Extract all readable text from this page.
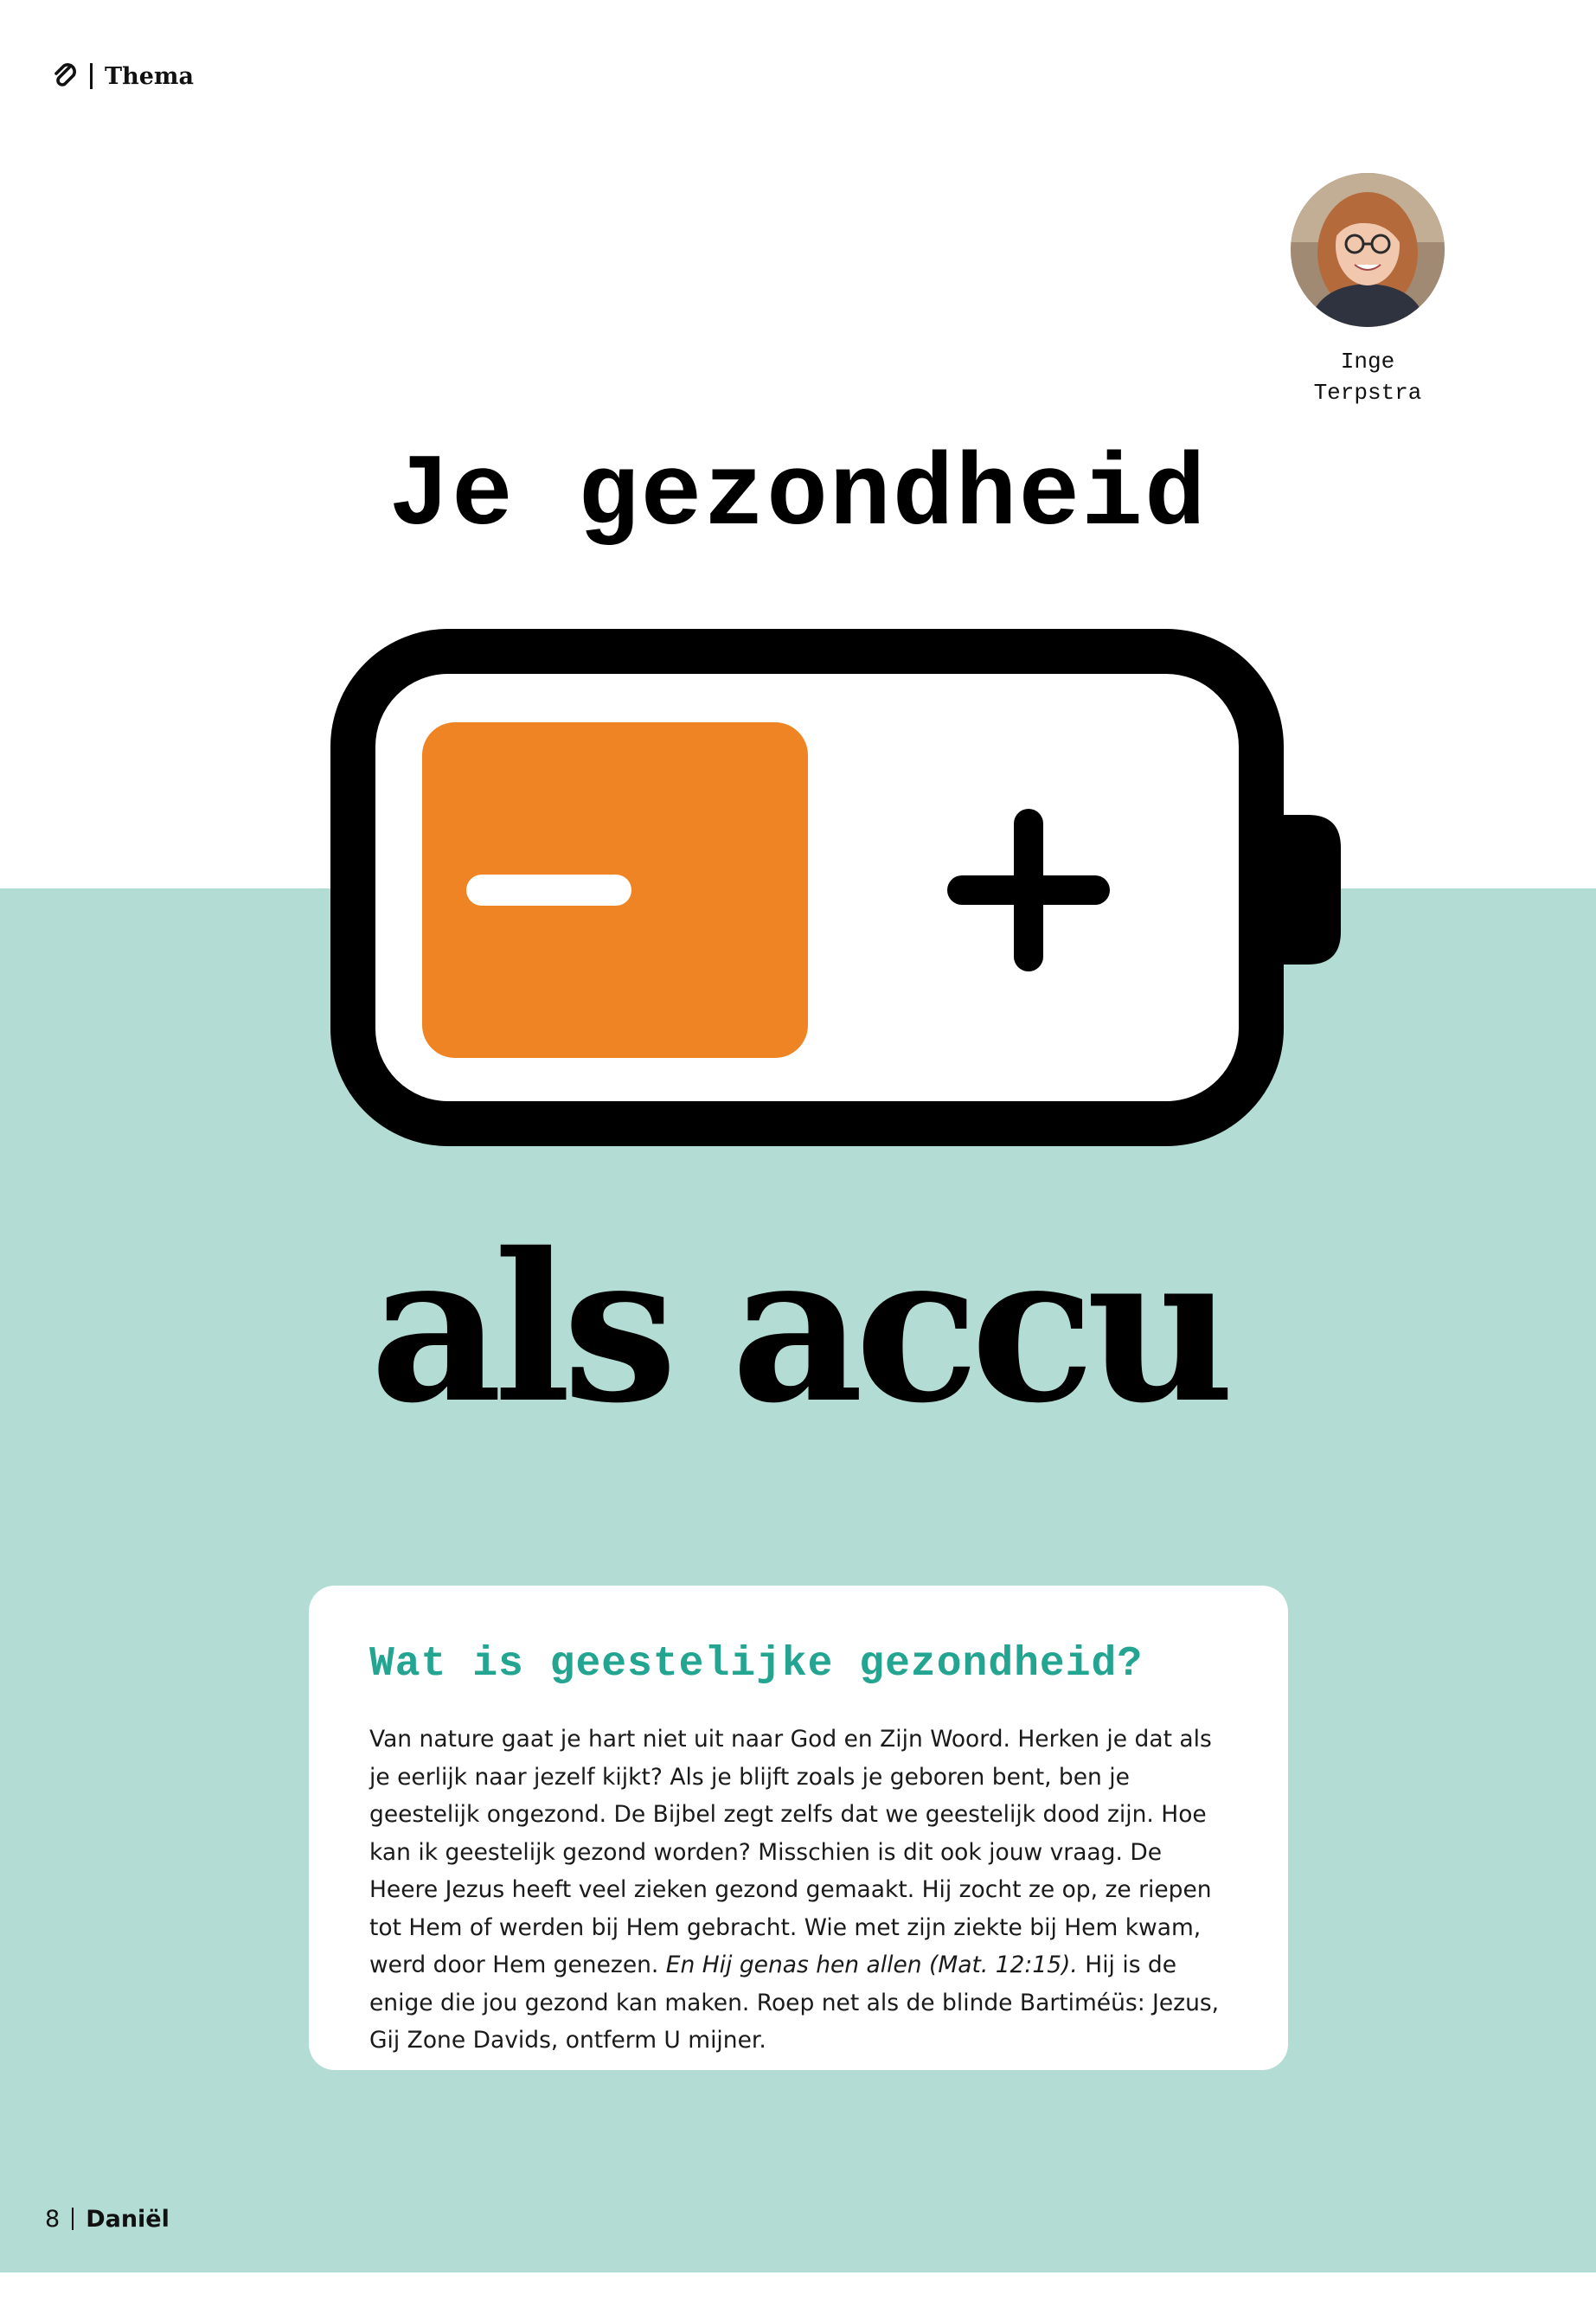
Thema
Inge
Terpstra
Je gezondheid
als accu
Wat is geestelijke gezondheid?

Van nature gaat je hart niet uit naar God en Zijn Woord. Herken je dat als je eerlijk naar jezelf kijkt? Als je blijft zoals je geboren bent, ben je geestelijk ongezond. De Bijbel zegt zelfs dat we geestelijk dood zijn. Hoe kan ik geestelijk gezond worden? Misschien is dit ook jouw vraag. De Heere Jezus heeft veel zieken gezond gemaakt. Hij zocht ze op, ze riepen tot Hem of werden bij Hem gebracht. Wie met zijn ziekte bij Hem kwam, werd door Hem genezen. En Hij genas hen allen (Mat. 12:15). Hij is de enige die jou gezond kan maken. Roep net als de blinde Bartiméüs: Jezus, Gij Zone Davids, ontferm U mijner.

8 Daniël
